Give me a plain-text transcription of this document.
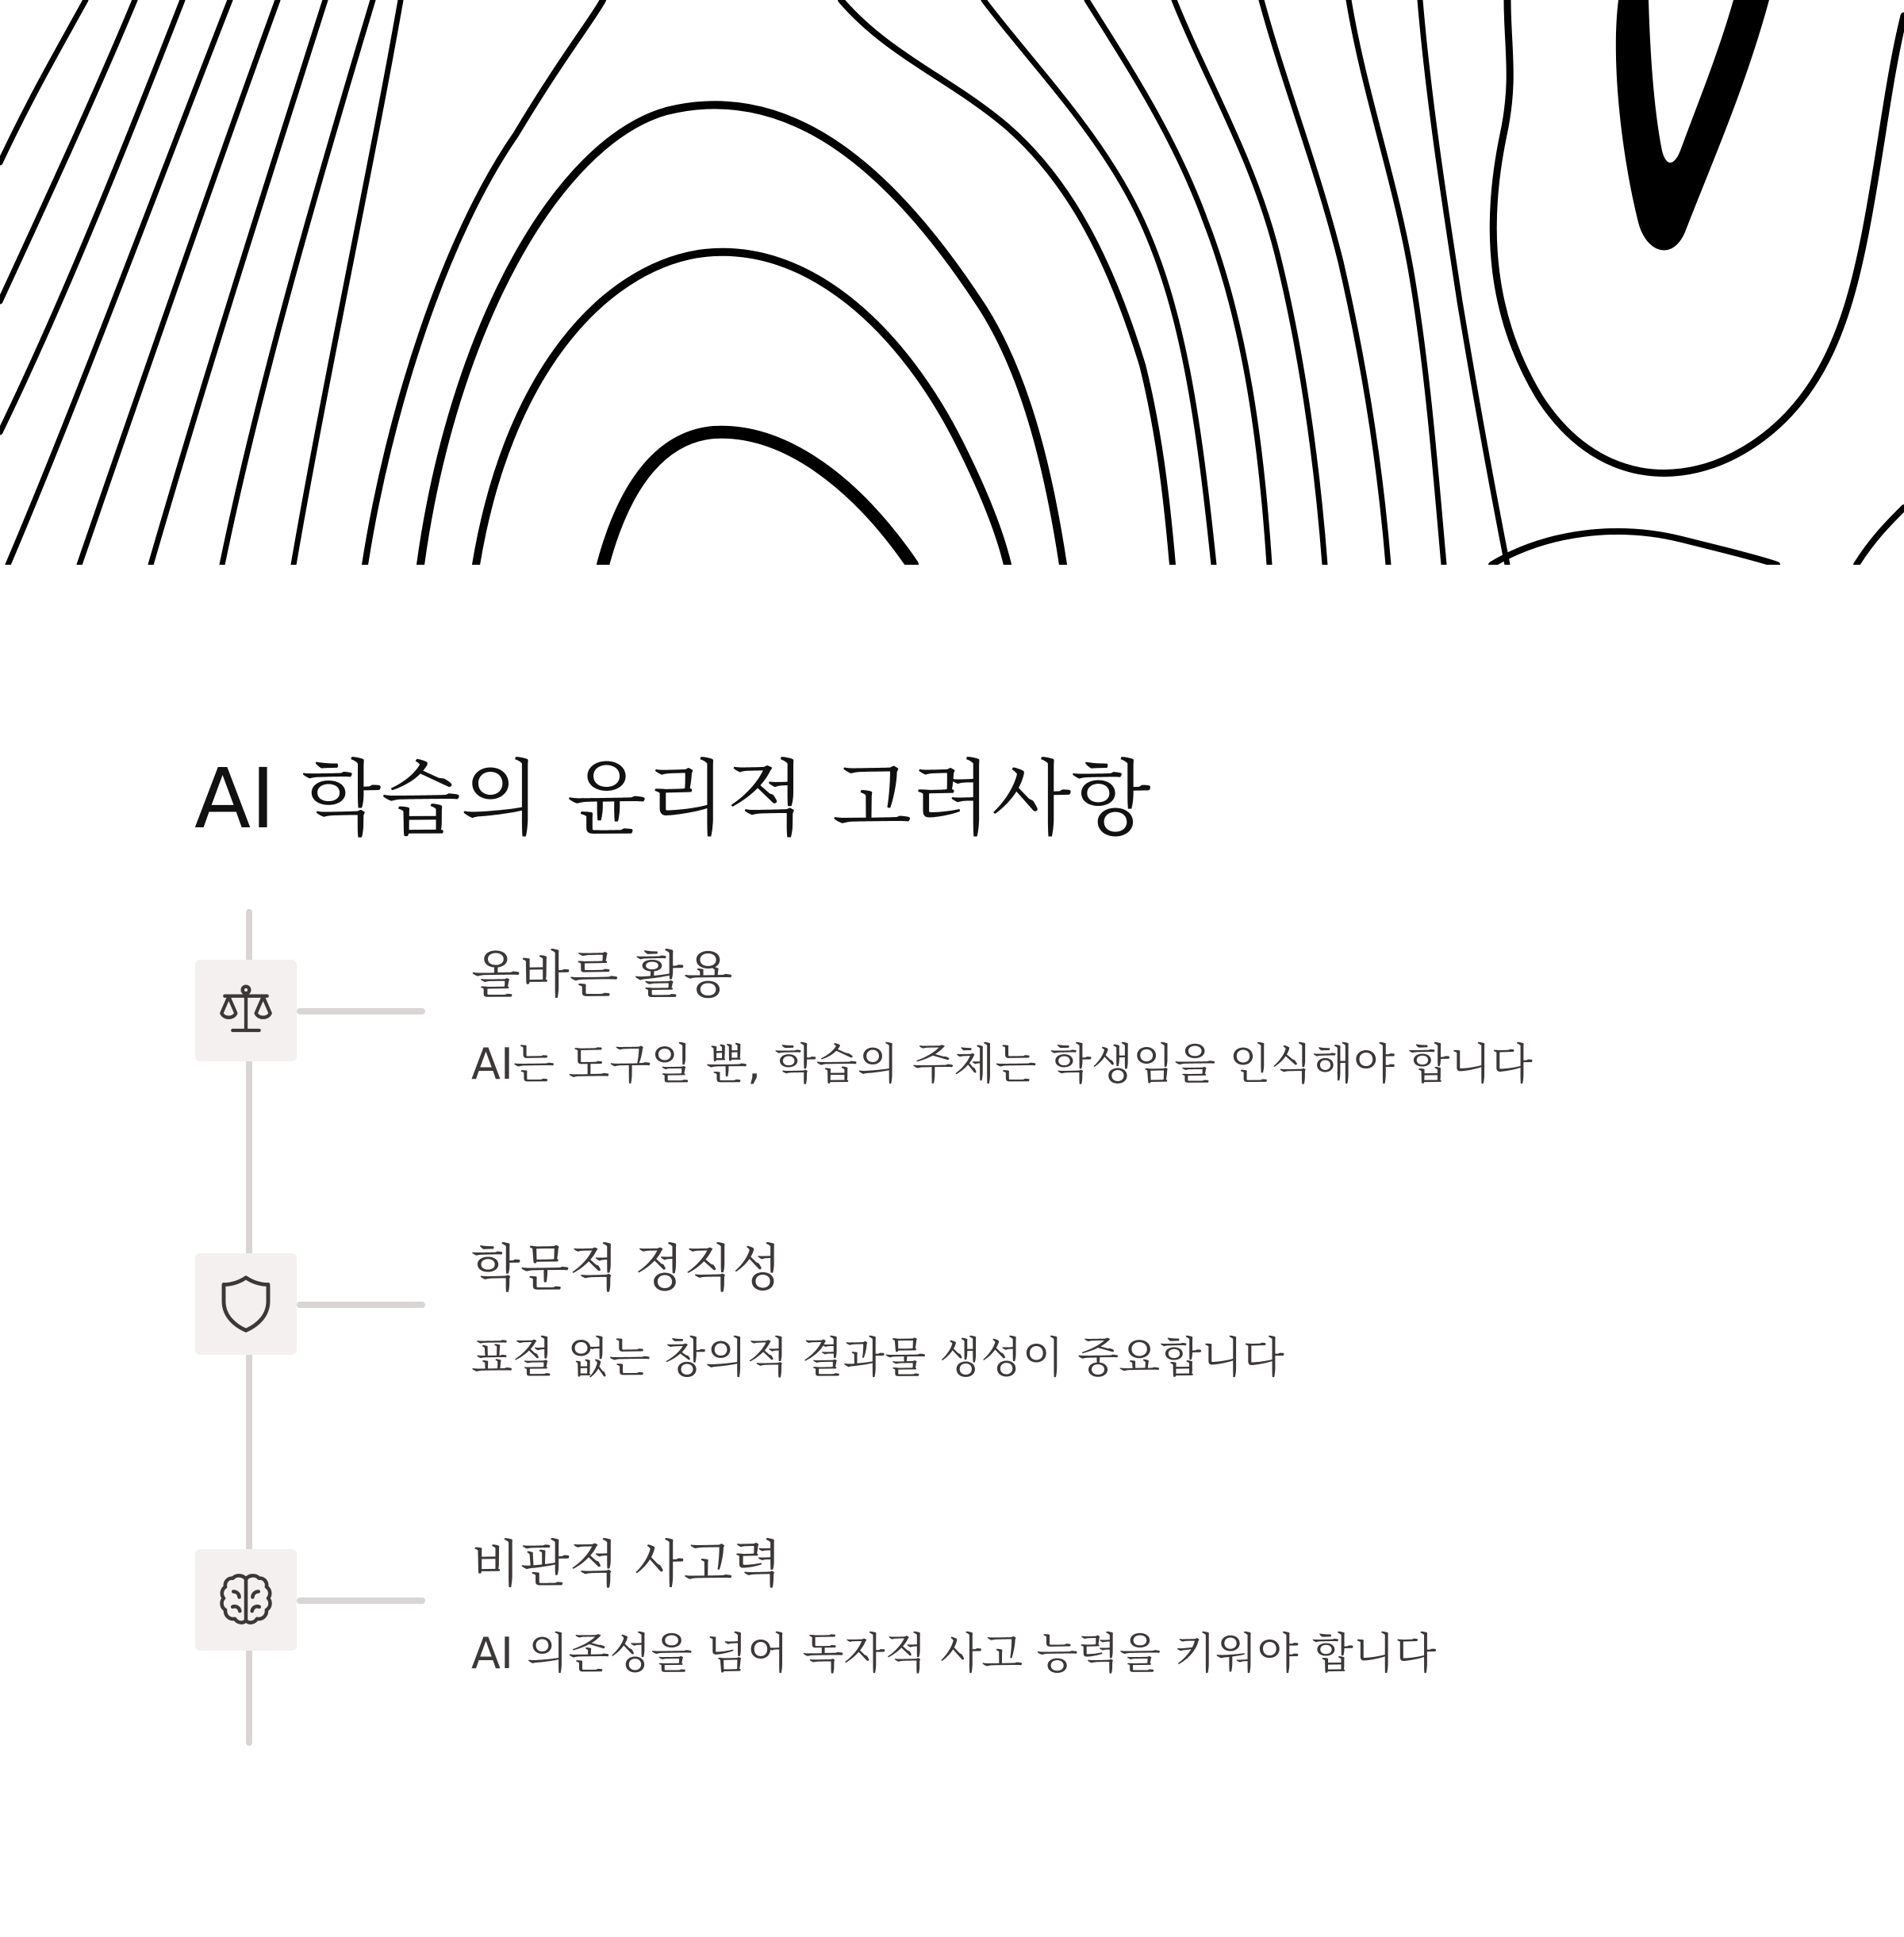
AI 학습의 윤리적 고려사항
올바른 활용

AI는 도구일 뿐, 학습의 주체는 학생임을 인식해야 합니다

학문적 정직성

표절 없는 창의적 결과물 생성이 중요합니다

비판적 사고력

AI 의존성을 넘어 독자적 사고 능력을 키워야 합니다
